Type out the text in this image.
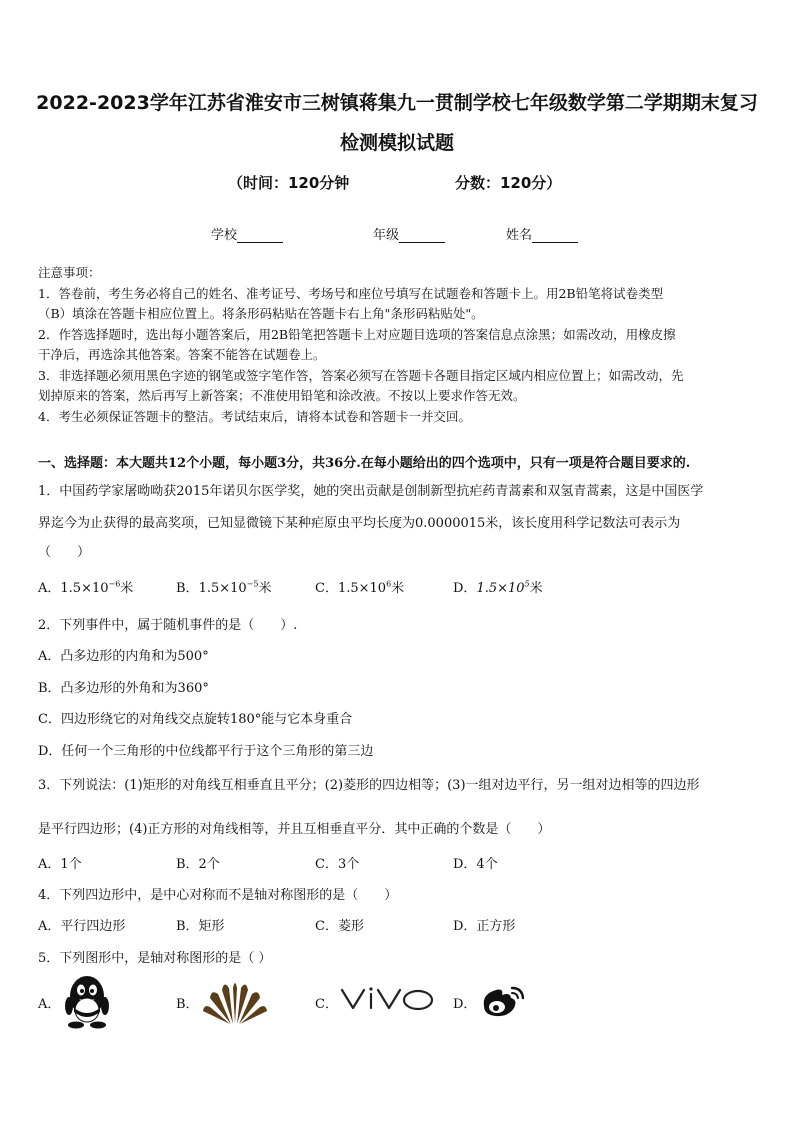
2022-2023学年江苏省淮安市三树镇蒋集九一贯制学校七年级数学第二学期期末复习
检测模拟试题
（时间：120分钟	分数：120分）
学校	年级	姓名
注意事项：
1．答卷前，考生务必将自己的姓名、准考证号、考场号和座位号填写在试题卷和答题卡上。用2B铅笔将试卷类型
（B）填涂在答题卡相应位置上。将条形码粘贴在答题卡右上角"条形码粘贴处"。
2．作答选择题时，选出每小题答案后，用2B铅笔把答题卡上对应题目选项的答案信息点涂黑；如需改动，用橡皮擦
干净后，再选涂其他答案。答案不能答在试题卷上。
3．非选择题必须用黑色字迹的钢笔或签字笔作答，答案必须写在答题卡各题目指定区域内相应位置上；如需改动，先
划掉原来的答案，然后再写上新答案；不准使用铅笔和涂改液。不按以上要求作答无效。
4．考生必须保证答题卡的整洁。考试结束后，请将本试卷和答题卡一并交回。
一、选择题：本大题共12个小题，每小题3分，共36分.在每小题给出的四个选项中，只有一项是符合题目要求的.
1．中国药学家屠呦呦获2015年诺贝尔医学奖，她的突出贡献是创制新型抗疟药青蒿素和双氢青蒿素，这是中国医学
界迄今为止获得的最高奖项，已知显微镜下某种疟原虫平均长度为0.0000015米，该长度用科学记数法可表示为
（　　）
A．$1.5\times 10^{-6}$米	B．$1.5\times 10^{-5}$米	C．$1.5\times 10^6$米	D．$1.5\times 10^5$米
2．下列事件中，属于随机事件的是（　　）.
A．凸多边形的内角和为500°
B．凸多边形的外角和为360°
C．四边形绕它的对角线交点旋转180°能与它本身重合
D．任何一个三角形的中位线都平行于这个三角形的第三边
3．下列说法：(1)矩形的对角线互相垂直且平分；(2)菱形的四边相等；(3)一组对边平行，另一组对边相等的四边形
是平行四边形；(4)正方形的对角线相等，并且互相垂直平分．其中正确的个数是（　　）
A．1个	B．2个	C．3个	D．4个
4．下列四边形中，是中心对称而不是轴对称图形的是（　　）
A．平行四边形	B．矩形	C．菱形	D．正方形
5．下列图形中，是轴对称图形的是（ ）
A．	B．	C．	D．
